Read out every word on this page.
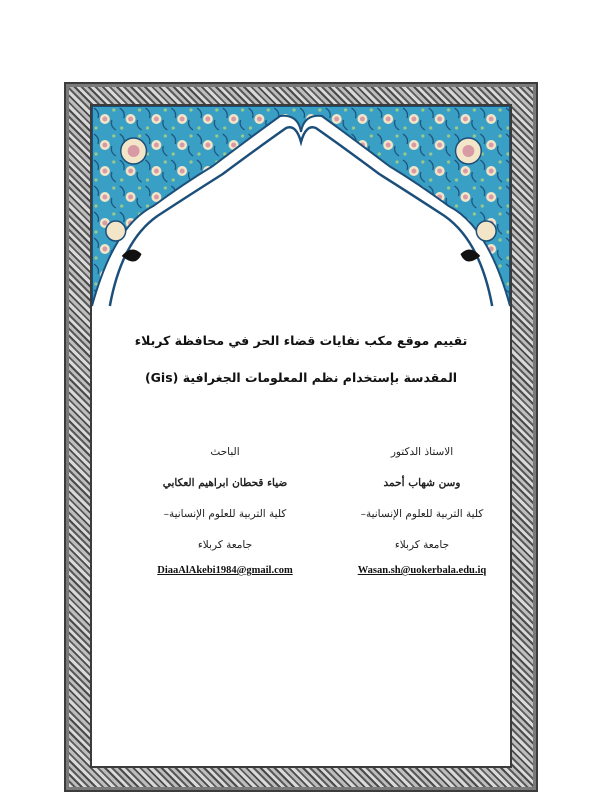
تقييم موقع مكب نفايات قضاء الحر في محافظة كربلاء

المقدسة بإستخدام نظم المعلومات الجغرافية (Gis)

الاستاذ الدكتور
وسن شهاب أحمد
كلية التربية للعلوم الإنسانية–
جامعة كربلاء
Wasan.sh@uokerbala.edu.iq
الباحث
ضياء قحطان ابراهيم العكابي
كلية التربية للعلوم الإنسانية–
جامعة كربلاء
DiaaAlAkebi1984@gmail.com
